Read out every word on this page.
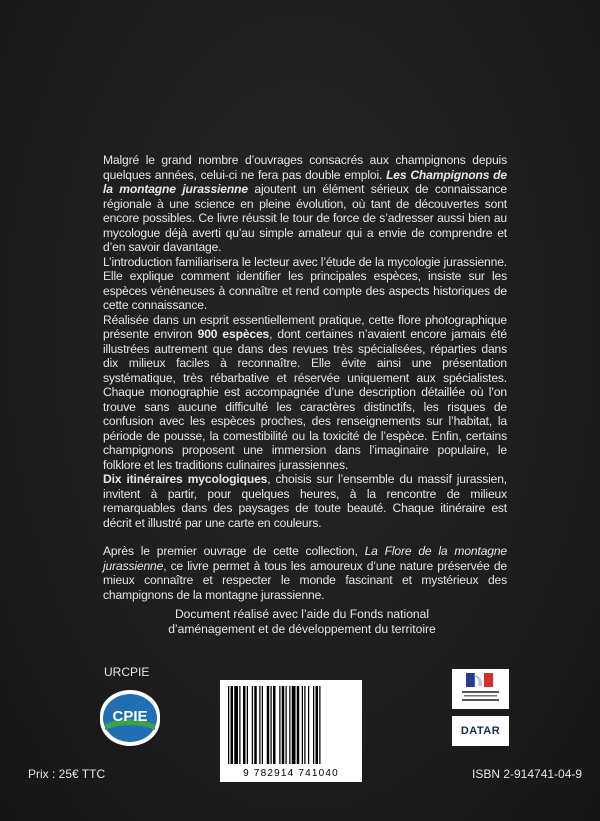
Malgré le grand nombre d’ouvrages consacrés aux champignons depuis quelques années, celui-ci ne fera pas double emploi. Les Champignons de la montagne jurassienne ajoutent un élément sérieux de connaissance régionale à une science en pleine évolution, où tant de découvertes sont encore possibles. Ce livre réussit le tour de force de s’adresser aussi bien au mycologue déjà averti qu’au simple amateur qui a envie de comprendre et d’en savoir davantage.

L’introduction familiarisera le lecteur avec l’étude de la mycologie jurassienne. Elle explique comment identifier les principales espèces, insiste sur les espèces vénéneuses à connaître et rend compte des aspects historiques de cette connaissance.

Réalisée dans un esprit essentiellement pratique, cette flore photographique présente environ 900 espèces, dont certaines n’avaient encore jamais été illustrées autrement que dans des revues très spécialisées, réparties dans dix milieux faciles à reconnaître. Elle évite ainsi une présentation systématique, très rébarbative et réservée uniquement aux spécialistes. Chaque monographie est accompagnée d’une description détaillée où l’on trouve sans aucune difficulté les caractères distinctifs, les risques de confusion avec les espèces proches, des renseignements sur l’habitat, la période de pousse, la comestibilité ou la toxicité de l’espèce. Enfin, certains champignons proposent une immersion dans l’imaginaire populaire, le folklore et les traditions culinaires jurassiennes.

Dix itinéraires mycologiques, choisis sur l’ensemble du massif jurassien, invitent à partir, pour quelques heures, à la rencontre de milieux remarquables dans des paysages de toute beauté. Chaque itinéraire est décrit et illustré par une carte en couleurs.

Après le premier ouvrage de cette collection, La Flore de la montagne jurassienne, ce livre permet à tous les amoureux d’une nature préservée de mieux connaître et respecter le monde fascinant et mystérieux des champignons de la montagne jurassienne.

Document réalisé avec l’aide du Fonds national
d’aménagement et de développement du territoire
URCPIE
CPIE
DATAR
9 782914 741040
Prix : 25€ TTC	ISBN 2-914741-04-9
